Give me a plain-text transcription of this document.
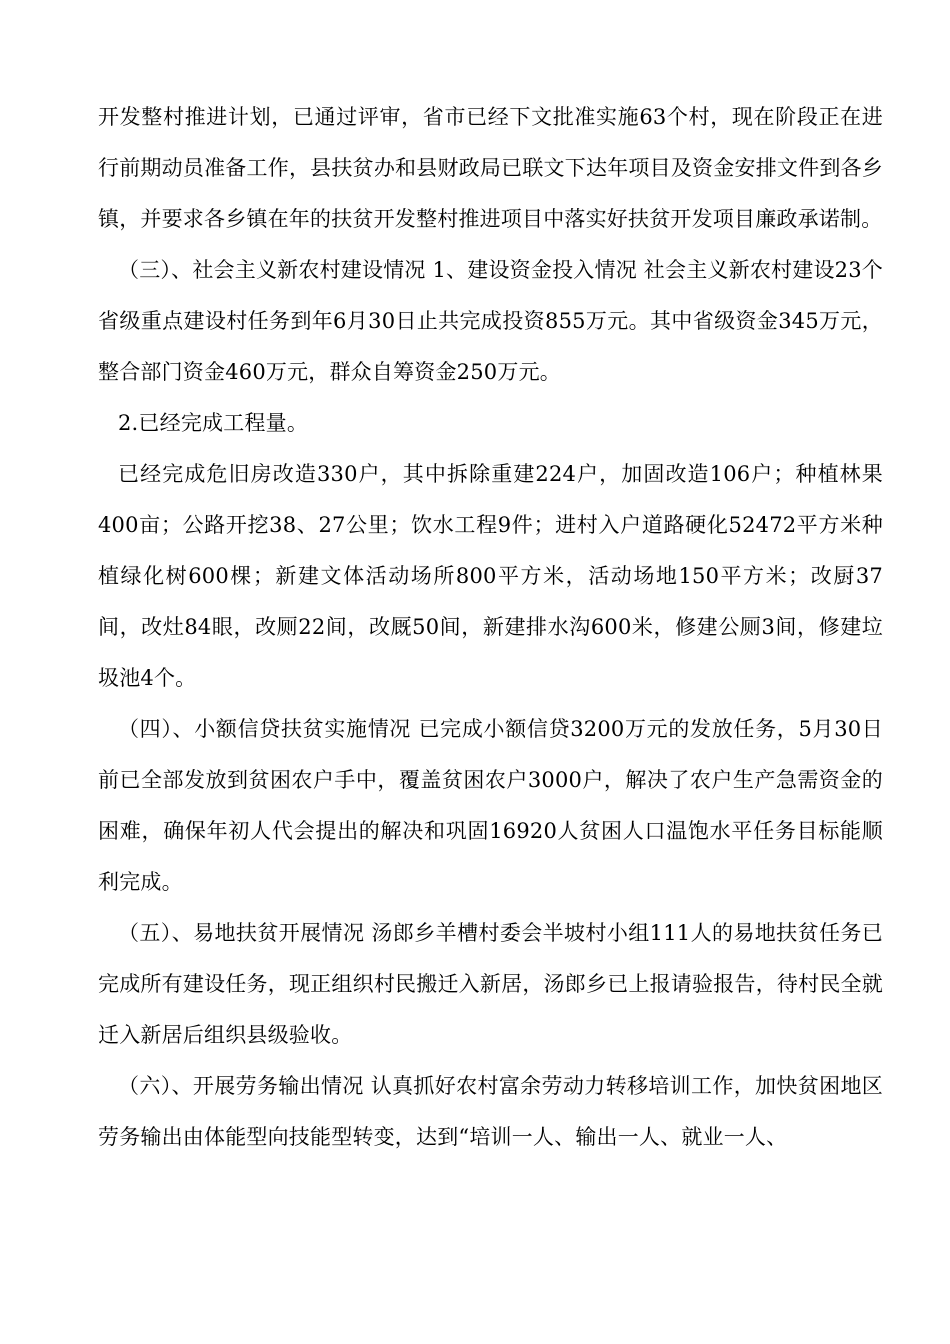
开发整村推进计划，已通过评审，省市已经下文批准实施63个村，现在阶段正在进行前期动员准备工作，县扶贫办和县财政局已联文下达年项目及资金安排文件到各乡镇，并要求各乡镇在年的扶贫开发整村推进项目中落实好扶贫开发项目廉政承诺制。

（三）、社会主义新农村建设情况 1、建设资金投入情况 社会主义新农村建设23个省级重点建设村任务到年6月30日止共完成投资855万元。其中省级资金345万元，整合部门资金460万元，群众自筹资金250万元。

2.已经完成工程量。

已经完成危旧房改造330户，其中拆除重建224户，加固改造106户；种植林果400亩；公路开挖38、27公里；饮水工程9件；进村入户道路硬化52472平方米种植绿化树600棵；新建文体活动场所800平方米，活动场地150平方米；改厨37间，改灶84眼，改厕22间，改厩50间，新建排水沟600米，修建公厕3间，修建垃圾池4个。

（四）、小额信贷扶贫实施情况 已完成小额信贷3200万元的发放任务，5月30日前已全部发放到贫困农户手中，覆盖贫困农户3000户，解决了农户生产急需资金的困难，确保年初人代会提出的解决和巩固16920人贫困人口温饱水平任务目标能顺利完成。

（五）、易地扶贫开展情况 汤郎乡羊槽村委会半坡村小组111人的易地扶贫任务已完成所有建设任务，现正组织村民搬迁入新居，汤郎乡已上报请验报告，待村民全就迁入新居后组织县级验收。

（六）、开展劳务输出情况 认真抓好农村富余劳动力转移培训工作，加快贫困地区劳务输出由体能型向技能型转变，达到“培训一人、输出一人、就业一人、
